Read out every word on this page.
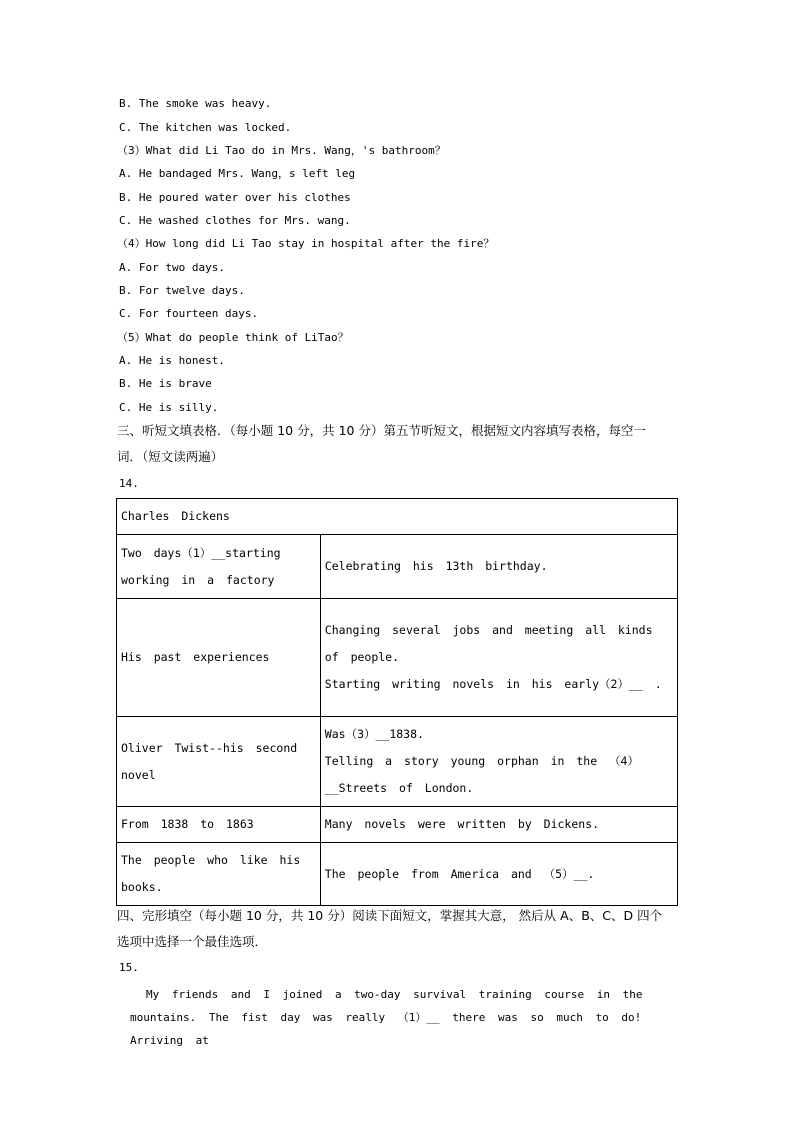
B. The smoke was heavy.
C. The kitchen was locked.
（3）What did Li Tao do in Mrs. Wang，'s bathroom？
A. He bandaged Mrs. Wang，s left leg
B. He poured water over his clothes
C. He washed clothes for Mrs. wang.
（4）How long did Li Tao stay in hospital after the fire？
A. For two days.
B. For twelve days.
C. For fourteen days.
（5）What do people think of LiTao？
A. He is honest.
B. He is brave
C. He is silly.
三、听短文填表格．（每小题 10 分，共 10 分）第五节听短文，根据短文内容填写表格，每空一
词．（短文读两遍）
14.
Charles Dickens	
Two days（1）__starting working in a factory	Celebrating his 13th birthday.

His past experiences	Changing several jobs and meeting all kinds of people.
Starting writing novels in his early（2）__ .

Oliver Twist--his second novel	Was（3）__1838.
Telling a story young orphan in the （4）__Streets of London.

From 1838 to 1863	Many novels were written by Dickens.

The people who like his books.	The people from America and （5）__.
四、完形填空（每小题 10 分，共 10 分）阅读下面短文，掌握其大意， 然后从 A、B、C、D 四个
选项中选择一个最佳选项．
15.
My friends and I joined a two-day survival training course in the mountains. The fist day was really （1）__ there was so much to do! Arriving at
